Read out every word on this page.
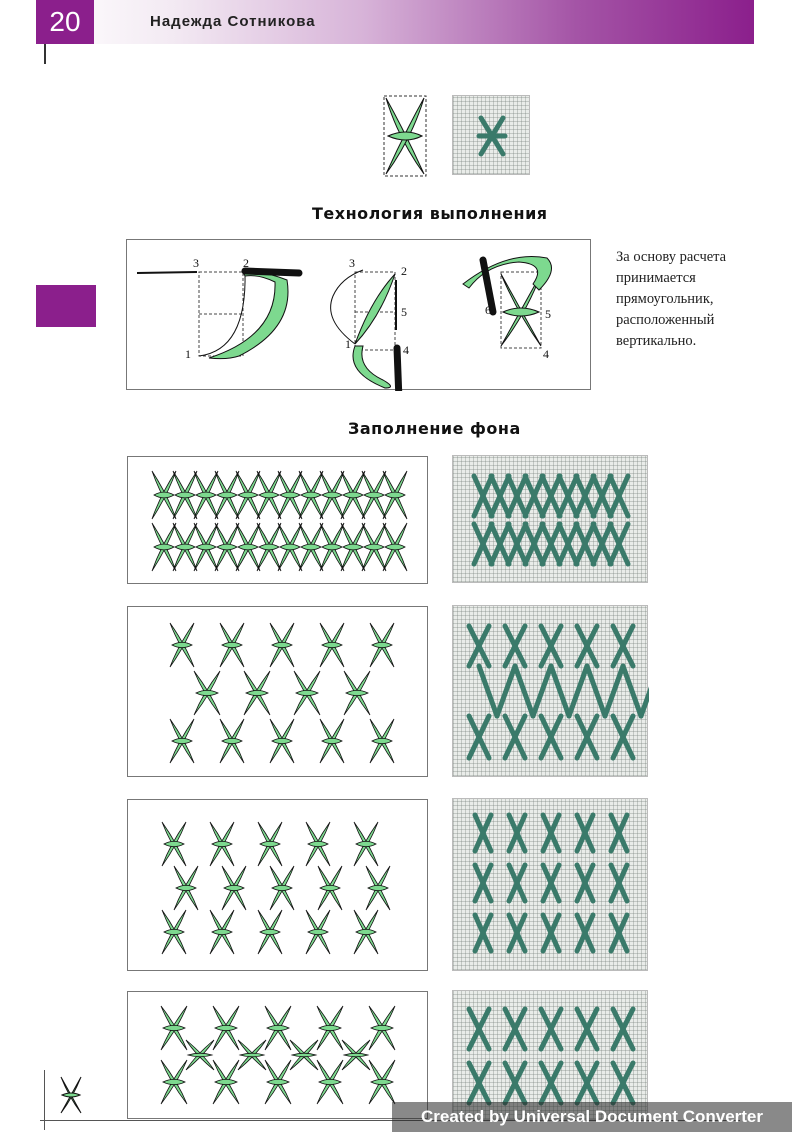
20	Надежда Сотникова
Технология выполнения
3	2
1
3
2
5
1	4
6	5
4
За основу расчета принимается прямоугольник, расположенный вертикально.
Заполнение фона
Created by Universal Document Converter
